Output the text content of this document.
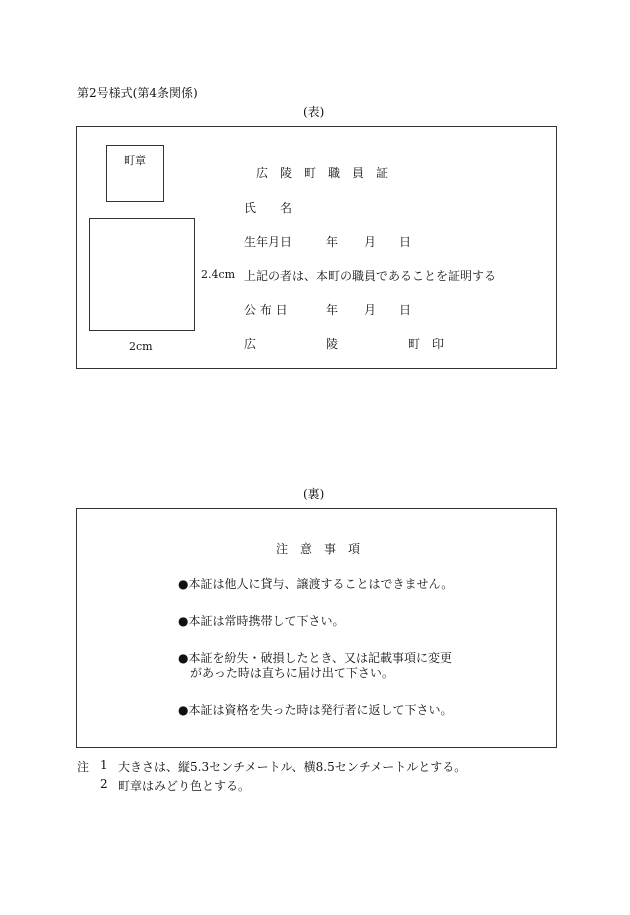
第2号様式(第4条関係)
(表)
町章
2cm
2.4cm
広　陵　町　職　員　証
氏　　名
生年月日	年 月 日
上記の者は、本町の職員であることを証明する
公 布 日	年 月 日
広	陵	町　印
(裏)
注　意　事　項
●本証は他人に貸与、譲渡することはできません。
●本証は常時携帯して下さい。
●本証を紛失・破損したとき、又は記載事項に変更
　があった時は直ちに届け出て下さい。
●本証は資格を失った時は発行者に返して下さい。
注 1 大きさは、縦5.3センチメートル、横8.5センチメートルとする。
2 町章はみどり色とする。
